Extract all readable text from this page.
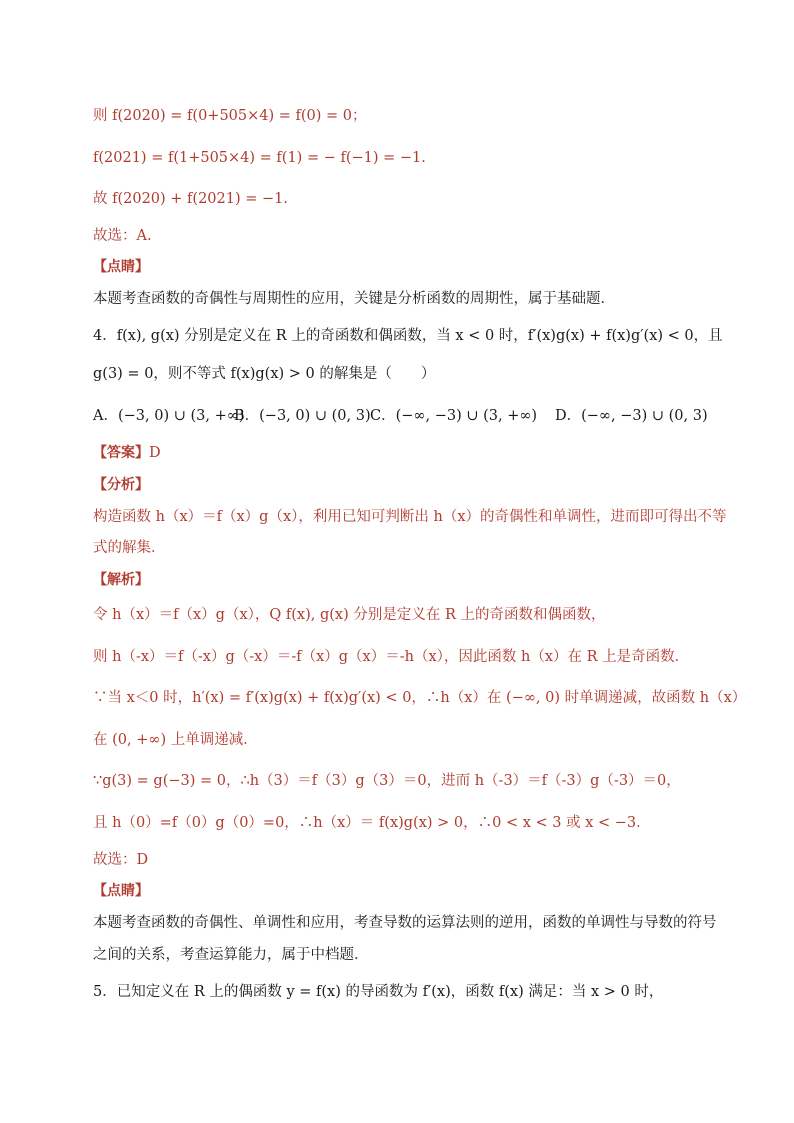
则 f(2020) = f(0+505×4) = f(0) = 0；
f(2021) = f(1+505×4) = f(1) = − f(−1) = −1.
故 f(2020) + f(2021) = −1.
故选：A.
【点睛】
本题考查函数的奇偶性与周期性的应用，关键是分析函数的周期性，属于基础题．
4．f(x), g(x) 分别是定义在 R 上的奇函数和偶函数，当 x < 0 时，f′(x)g(x) + f(x)g′(x) < 0，且
g(3) = 0，则不等式 f(x)g(x) > 0 的解集是（　　）
A．(−3, 0) ∪ (3, +∞)
B．(−3, 0) ∪ (0, 3) C．(−∞, −3) ∪ (3, +∞) D．(−∞, −3) ∪ (0, 3)
【答案】D
【分析】
构造函数 h（x）＝f（x）g（x），利用已知可判断出 h（x）的奇偶性和单调性，进而即可得出不等
式的解集．
【解析】
令 h（x）＝f（x）g（x），Q f(x), g(x) 分别是定义在 R 上的奇函数和偶函数，
则 h（-x）＝f（-x）g（-x）＝-f（x）g（x）＝-h（x），因此函数 h（x）在 R 上是奇函数．
∵当 x＜0 时，h′(x) = f′(x)g(x) + f(x)g′(x) < 0，∴h（x）在 (−∞, 0) 时单调递减，故函数 h（x）
在 (0, +∞) 上单调递减．
∵g(3) = g(−3) = 0，∴h（3）＝f（3）g（3）＝0，进而 h（-3）＝f（-3）g（-3）＝0，
且 h（0）=f（0）g（0）=0，∴h（x）＝ f(x)g(x) > 0，∴0 < x < 3 或 x < −3．
故选：D
【点睛】
本题考查函数的奇偶性、单调性和应用，考查导数的运算法则的逆用，函数的单调性与导数的符号
之间的关系，考查运算能力，属于中档题．
5．已知定义在 R 上的偶函数 y = f(x) 的导函数为 f′(x)，函数 f(x) 满足：当 x > 0 时，
